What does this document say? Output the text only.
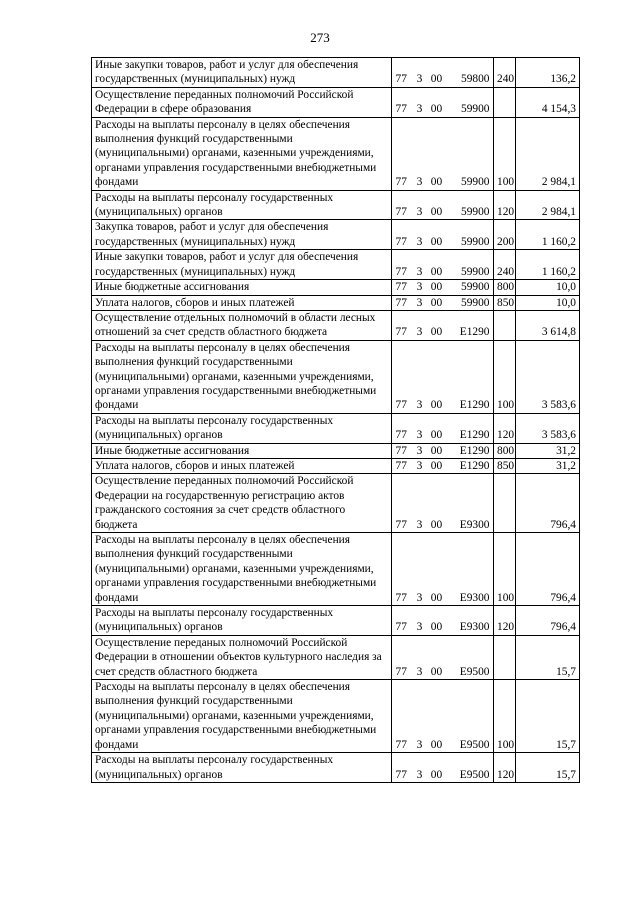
273
Иные закупки товаров, работ и услуг для обеспечения государственных (муниципальных) нужд	77 3 00 59800	240	136,2
Осуществление переданных полномочий Российской Федерации в сфере образования	77 3 00 59900		4 154,3
Расходы на выплаты персоналу в целях обеспечения выполнения функций государственными (муниципальными) органами, казенными учреждениями, органами управления государственными внебюджетными фондами	77 3 00 59900	100	2 984,1
Расходы на выплаты персоналу государственных (муниципальных) органов	77 3 00 59900	120	2 984,1
Закупка товаров, работ и услуг для обеспечения государственных (муниципальных) нужд	77 3 00 59900	200	1 160,2
Иные закупки товаров, работ и услуг для обеспечения государственных (муниципальных) нужд	77 3 00 59900	240	1 160,2
Иные бюджетные ассигнования	77 3 00 59900	800	10,0
Уплата налогов, сборов и иных платежей	77 3 00 59900	850	10,0
Осуществление отдельных полномочий в области лесных отношений за счет средств областного бюджета	77 3 00 Е1290		3 614,8
Расходы на выплаты персоналу в целях обеспечения выполнения функций государственными (муниципальными) органами, казенными учреждениями, органами управления государственными внебюджетными фондами	77 3 00 Е1290	100	3 583,6
Расходы на выплаты персоналу государственных (муниципальных) органов	77 3 00 Е1290	120	3 583,6
Иные бюджетные ассигнования	77 3 00 Е1290	800	31,2
Уплата налогов, сборов и иных платежей	77 3 00 Е1290	850	31,2
Осуществление переданных полномочий Российской Федерации на государственную регистрацию актов гражданского состояния за счет средств областного бюджета	77 3 00 Е9300		796,4
Расходы на выплаты персоналу в целях обеспечения выполнения функций государственными (муниципальными) органами, казенными учреждениями, органами управления государственными внебюджетными фондами	77 3 00 Е9300	100	796,4
Расходы на выплаты персоналу государственных (муниципальных) органов	77 3 00 Е9300	120	796,4
Осуществление переданых полномочий Российской Федерации в отношении объектов культурного наследия за счет средств областного бюджета	77 3 00 Е9500		15,7
Расходы на выплаты персоналу в целях обеспечения выполнения функций государственными (муниципальными) органами, казенными учреждениями, органами управления государственными внебюджетными фондами	77 3 00 Е9500	100	15,7
Расходы на выплаты персоналу государственных (муниципальных) органов	77 3 00 Е9500	120	15,7
